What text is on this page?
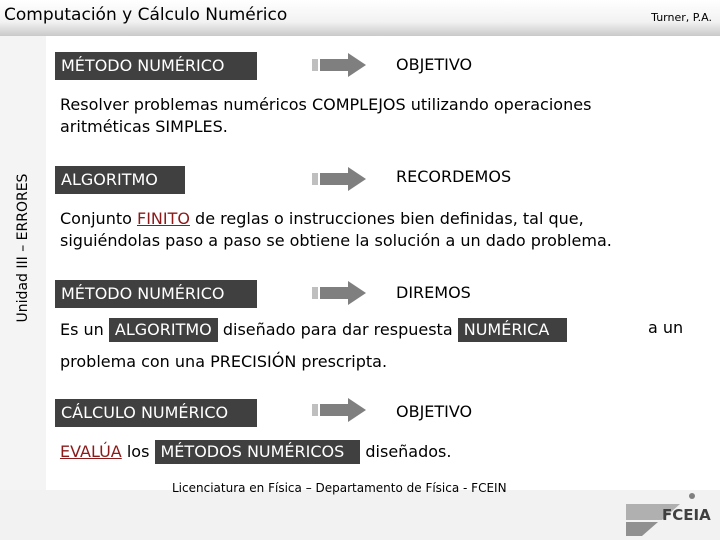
Computación y Cálculo Numérico	Turner, P.A.
Unidad III – ERRORES
MÉTODO NUMÉRICO	OBJETIVO
Resolver problemas numéricos COMPLEJOS utilizando operaciones aritméticas SIMPLES.
ALGORITMO	RECORDEMOS
Conjunto FINITO de reglas o instrucciones bien definidas, tal que, siguiéndolas paso a paso se obtiene la solución a un dado problema.
MÉTODO NUMÉRICO	DIREMOS
Es un ALGORITMO diseñado para dar respuesta NUMÉRICA	a un
problema con una PRECISIÓN prescripta.
CÁLCULO NUMÉRICO	OBJETIVO
EVALÚA los MÉTODOS NUMÉRICOS diseñados.
Licenciatura en Física – Departamento de Física - FCEIN
FCEIA
